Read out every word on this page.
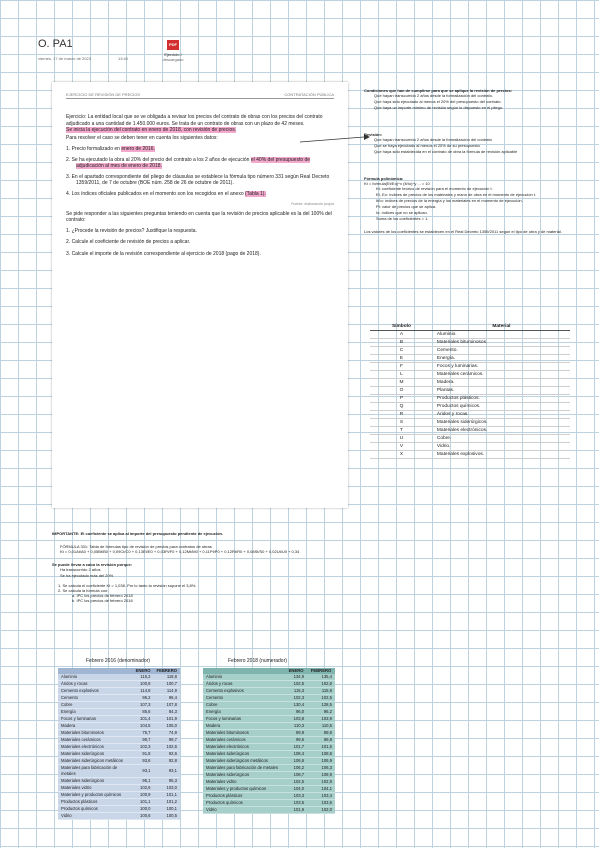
O. PA1
viernes, 17 de marzo de 2023	13:40
PDF
Ejercicio I
descargado
EJERCICIO DE REVISIÓN DE PRECIOS	CONTRATACIÓN PÚBLICA
Ejercicio: La entidad local que se ve obligada a revisar los precios del contrato de obras con los precios del contrato adjudicado a una cantidad de 1.450.000 euros. Se trata de un contrato de obras con un plazo de 42 meses.
Se inicia la ejecución del contrato en enero de 2018, con revisión de precios.
Para resolver el caso se deben tener en cuenta los siguientes datos:
1. Precio formalizado en enero de 2016.
2. Se ha ejecutado la obra al 20% del precio del contrato a los 2 años de ejecución el 40% del presupuesto de adjudicación al mes de enero de 2018.
3. En el apartado correspondiente del pliego de cláusulas se establece la fórmula tipo número 331 según Real Decreto 1359/2011, de 7 de octubre (BOE núm. 258 de 26 de octubre de 2011).
4. Los índices oficiales publicados en el momento son los recogidos en el anexo (Tabla 1).
Fuente: elaboración propia
Se pide responder a las siguientes preguntas teniendo en cuenta que la revisión de precios aplicable es la del 100% del contrato:
1. ¿Procede la revisión de precios? Justifique la respuesta.
2. Calcule el coeficiente de revisión de precios a aplicar.
3. Calcule el importe de la revisión correspondiente al ejercicio de 2018 (pago de 2018).
Condiciones que han de cumplirse para que se aplique la revisión de precios:
Que hayan transcurrido 2 años desde la formalización del contrato.
Que haya sido ejecutado al menos el 20% del presupuesto del contrato.
Que haya un importe mínimo de revisión según lo dispuesto en el pliego.
Revisión:
Que hayan transcurrido 2 años desde la formalización del contrato
Que se haya ejecutado al menos el 20% de su presupuesto
Que haya sido establecida en el contrato de obra la fórmula de revisión aplicable
Fórmula polinómica:
Kt = formula(Et/Eo)^x (It/Io)^y ... = 10
Kt: coeficiente teórico de revisión para el momento de ejecución t.
Et, Eo: índices de precios de los materiales y mano de obra en el momento de ejecución t.
It/Io: índices de precios de la energía y los materiales en el momento de ejecución.
Pt: valor de precios que se aplica.
Io: índices que no se aplican.
Suma de los coeficientes = 1.
Los valores de los coeficientes se establecen en el Real Decreto 1359/2011 según el tipo de obra y de material.
Símbolo	Material
A	Aluminio.
B	Materiales bituminosos.
C	Cemento.
E	Energía.
F	Focos y luminarias.
L	Materiales cerámicos.
M	Madera.
O	Plantas.
P	Productos plásticos.
Q	Productos químicos.
R	Áridos y rocas.
S	Materiales siderúrgicos.
T	Materiales electrónicos.
U	Cobre.
V	Vidrio.
X	Materiales explosivos.
IMPORTANTE: El coeficiente se aplica al importe del presupuesto pendiente de ejecución.
FÓRMULA 331: Tabla de fórmulas tipo de revisión de precios para contratos de obras
Kt = 0,01At/A0 + 0,05Bt/B0 + 0,09Ct/C0 + 0,13Et/E0 + 0,03Ft/F0 + 0,12Mt/M0 + 0,11Pt/P0 + 0,12Rt/R0 + 0,08St/S0 + 0,02Ut/U0 + 0,34
Se puede llevar a cabo la revisión porque:
Ha transcurrido 2 años
Se ha ejecutado más del 20%
1. Se calcula el coeficiente Kt = 1,038. Por lo tanto la revisión supone el 3,8%.
2. Se calcula la fórmula con:
a. IPC los precios de febrero 2018
b. IPC los precios de febrero 2016
Febrero 2016 (denominador)
	ENERO	FEBRERO
Aluminio	115,2	118,8
Áridos y rocas	100,8	100,7
Cemento explosivos	114,8	114,9
Cemento	96,2	96,4
Cobre	107,3	107,8
Energía	85,6	84,3
Focos y luminarias	101,4	101,9
Madera	104,5	105,0
Materiales bituminosos	75,7	74,9
Materiales cerámicos	99,7	99,7
Materiales electrónicos	102,3	102,6
Materiales siderúrgicos	91,8	92,6
Materiales siderúrgicos metálicos	93,6	92,8
Materiales para fabricación de metales	93,1	93,1
Materiales siderúrgicos	95,1	95,3
Materiales vidrio	102,6	103,0
Materiales y productos químicos	100,9	101,1
Productos plásticos	101,1	101,2
Productos químicos	100,0	100,1
Vidrio	100,6	100,5
Febrero 2018 (numerador)
	ENERO	FEBRERO
Aluminio	134,9	135,4
Áridos y rocas	102,5	102,6
Cemento explosivos	115,3	115,8
Cemento	102,3	102,5
Cobre	130,4	128,5
Energía	96,0	96,2
Focos y luminarias	103,8	103,9
Madera	110,3	110,5
Materiales bituminosos	89,9	89,6
Materiales cerámicos	99,6	99,8
Materiales electrónicos	101,7	101,5
Materiales siderúrgicos	108,4	108,6
Materiales siderúrgicos metálicos	106,6	106,9
Materiales para fabricación de metales	106,2	106,3
Materiales siderúrgicos	108,7	108,9
Materiales vidrio	102,5	102,9
Materiales y productos químicos	104,0	104,1
Productos plásticos	103,3	103,4
Productos químicos	103,5	103,6
Vidrio	101,9	102,0
